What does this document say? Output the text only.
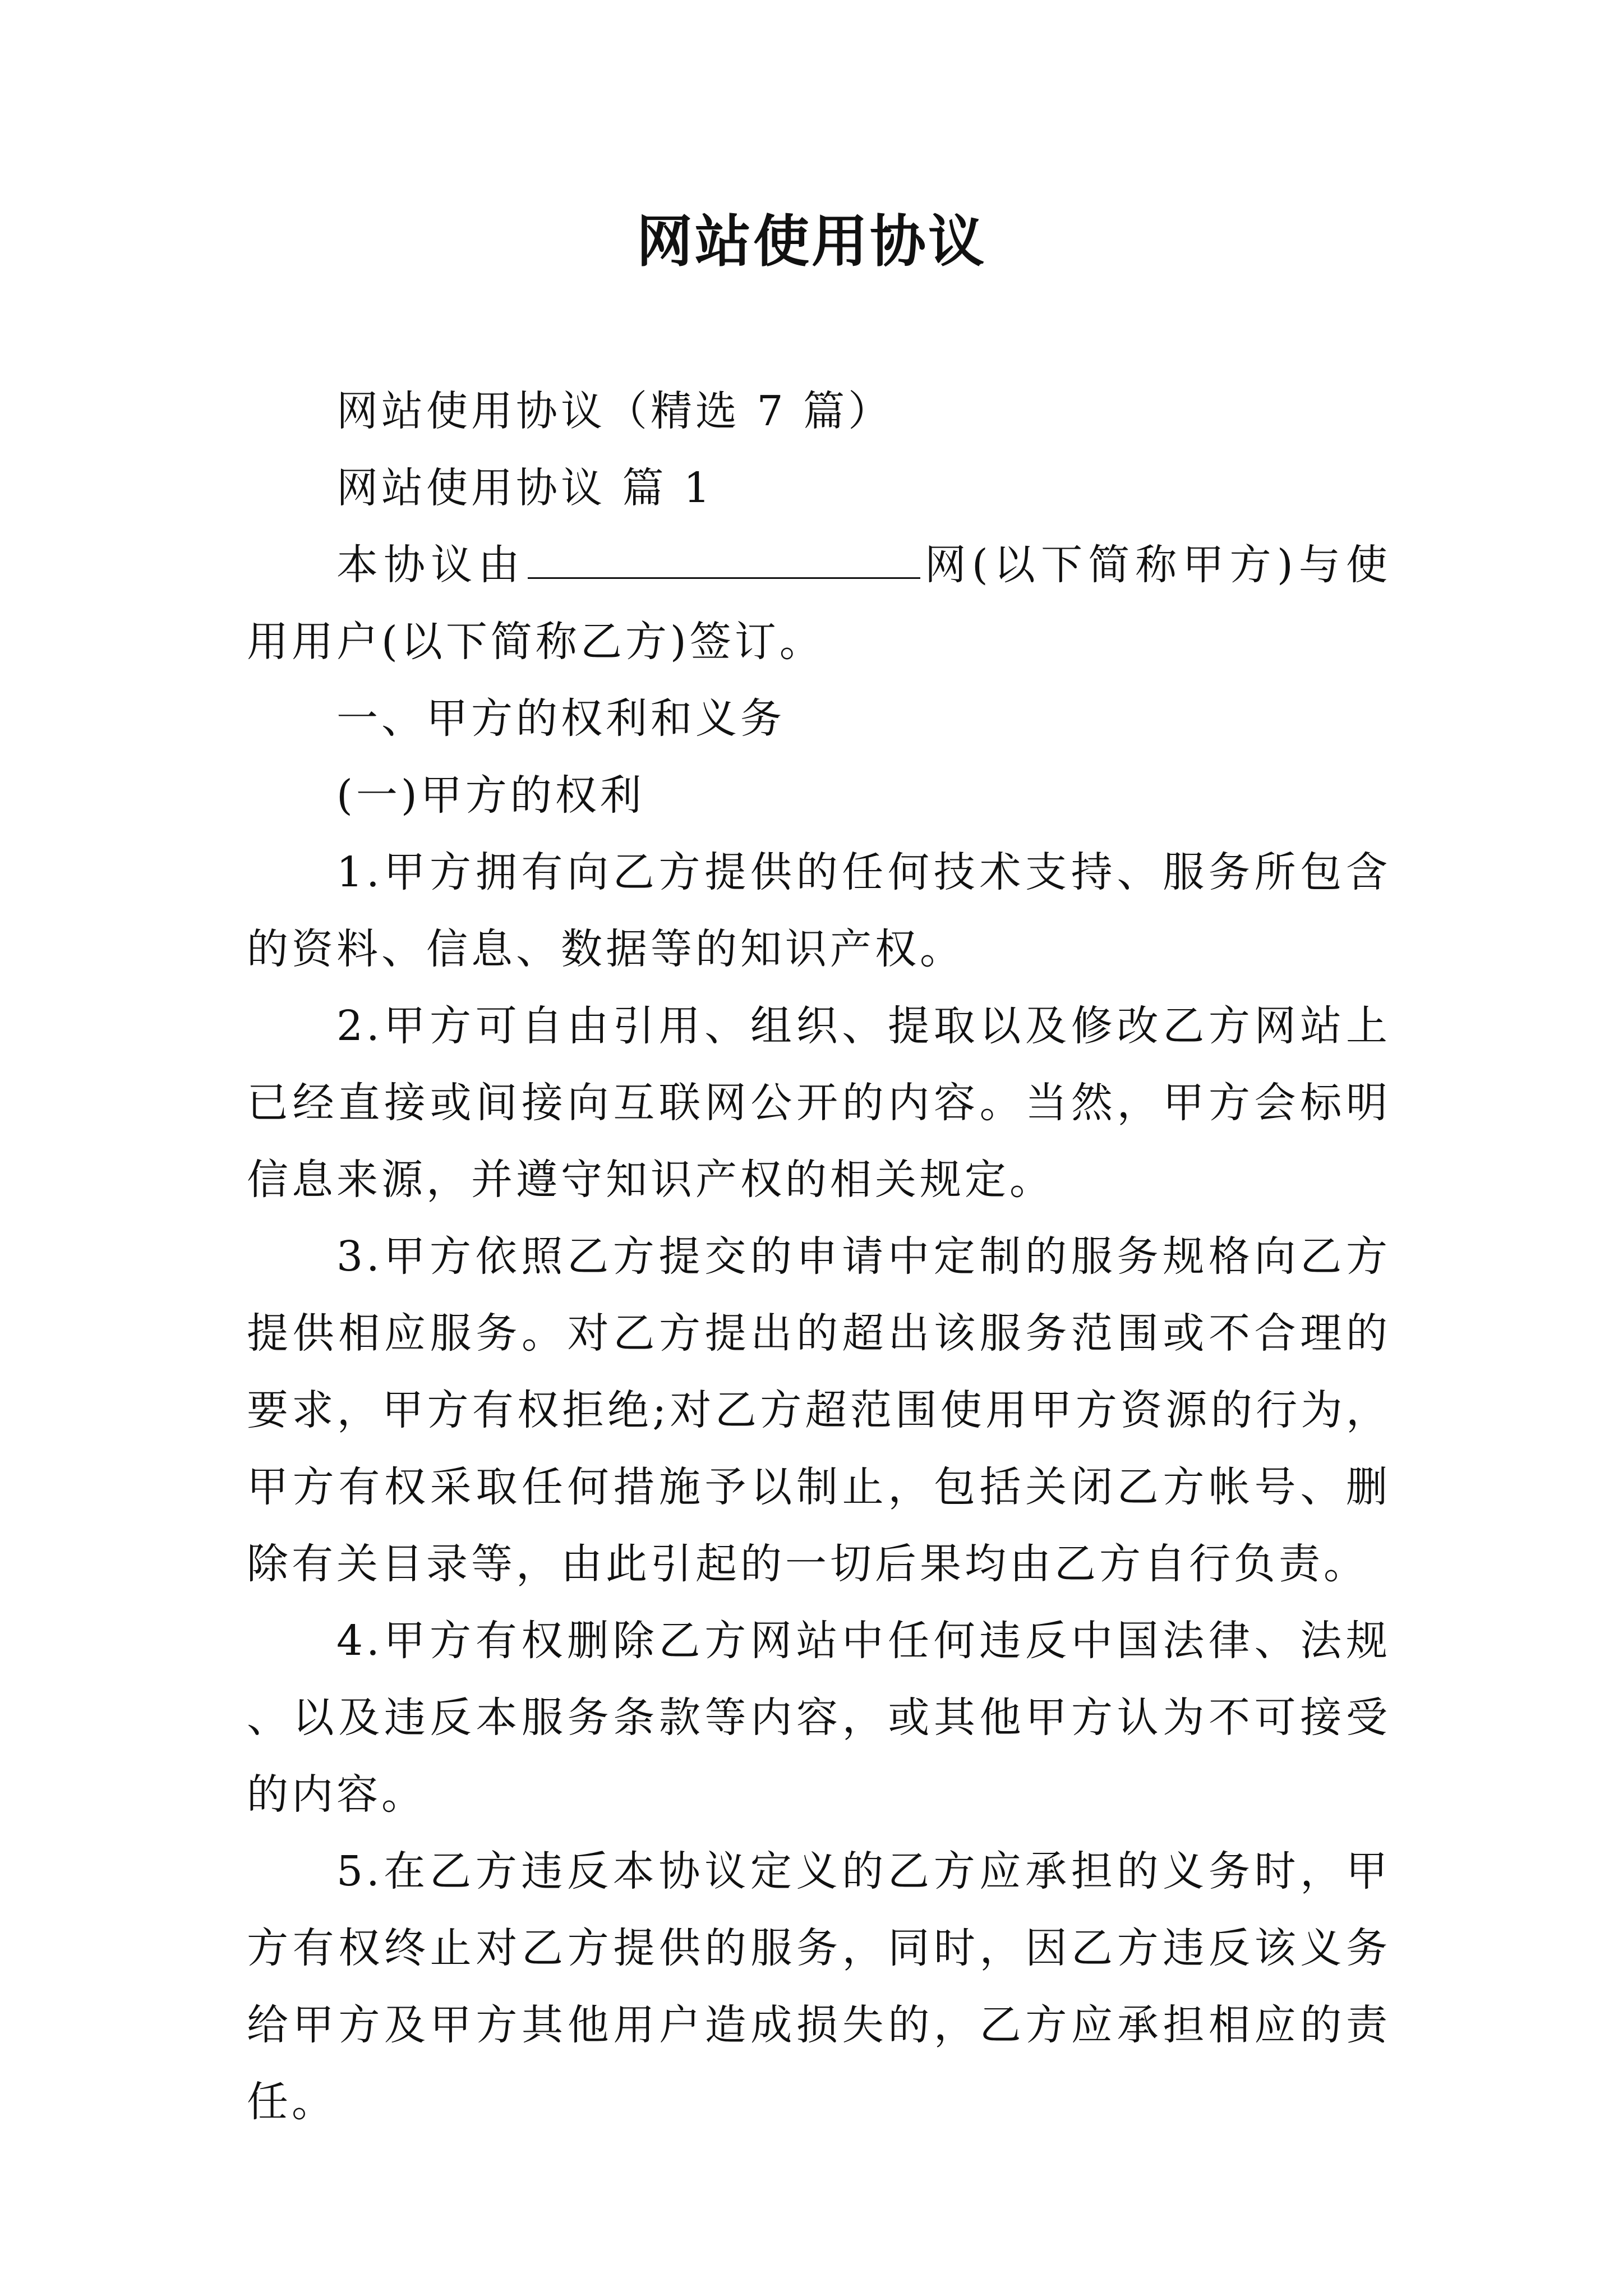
网站使用协议

网站使用协议（精选 7 篇）

网站使用协议 篇 1

本协议由	网(以下简称甲方)与使用用户(以下简称乙方)签订。

一、甲方的权利和义务

(一)甲方的权利

1.甲方拥有向乙方提供的任何技术支持、服务所包含的资料、信息、数据等的知识产权。

2.甲方可自由引用、组织、提取以及修改乙方网站上已经直接或间接向互联网公开的内容。当然，甲方会标明信息来源，并遵守知识产权的相关规定。

3.甲方依照乙方提交的申请中定制的服务规格向乙方提供相应服务。对乙方提出的超出该服务范围或不合理的要求，甲方有权拒绝;对乙方超范围使用甲方资源的行为，甲方有权采取任何措施予以制止，包括关闭乙方帐号、删除有关目录等，由此引起的一切后果均由乙方自行负责。

4.甲方有权删除乙方网站中任何违反中国法律、法规、以及违反本服务条款等内容，或其他甲方认为不可接受的内容。

5.在乙方违反本协议定义的乙方应承担的义务时，甲方有权终止对乙方提供的服务，同时，因乙方违反该义务给甲方及甲方其他用户造成损失的，乙方应承担相应的责任。
